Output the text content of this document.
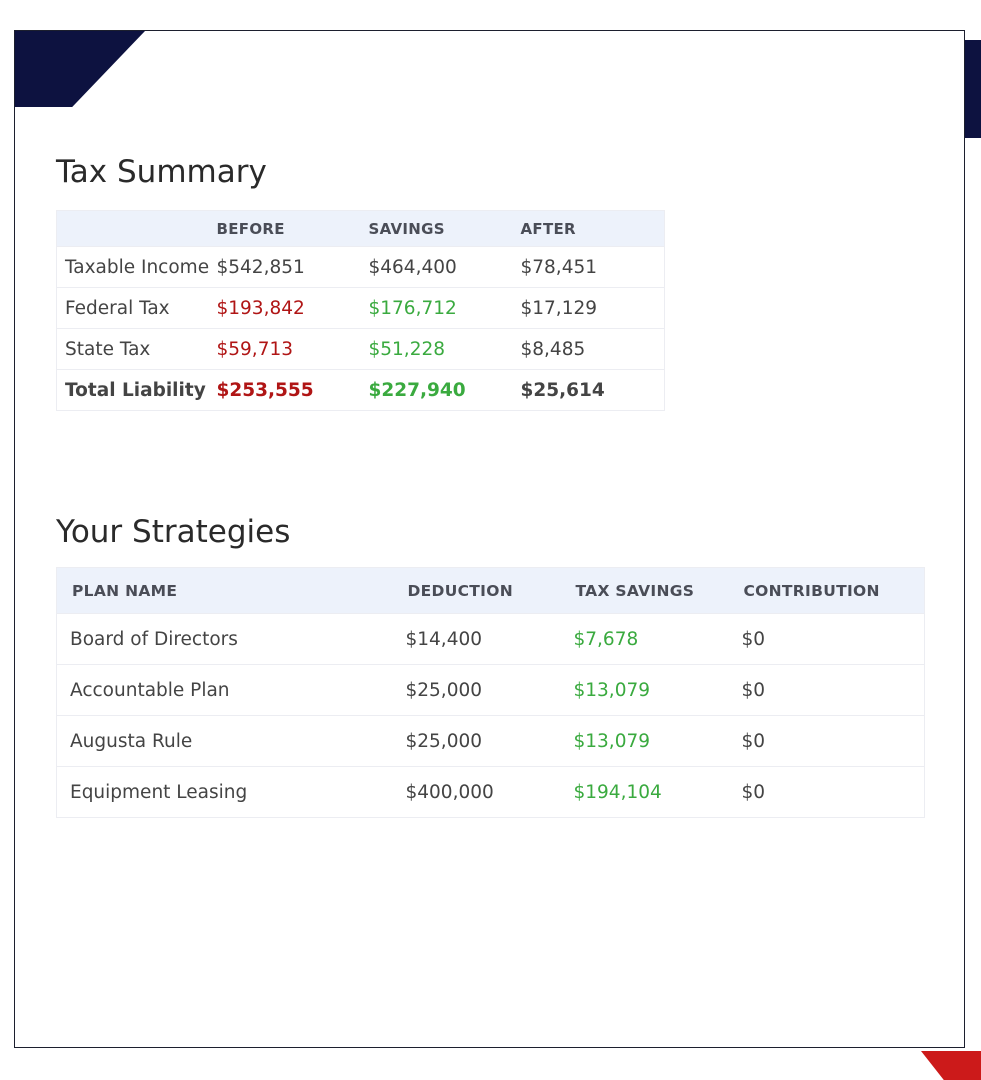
Tax Summary
	BEFORE	SAVINGS	AFTER
Taxable Income	$542,851	$464,400	$78,451
Federal Tax	$193,842	$176,712	$17,129
State Tax	$59,713	$51,228	$8,485
Total Liability	$253,555	$227,940	$25,614
Your Strategies
PLAN NAME	DEDUCTION	TAX SAVINGS	CONTRIBUTION
Board of Directors	$14,400	$7,678	$0
Accountable Plan	$25,000	$13,079	$0
Augusta Rule	$25,000	$13,079	$0
Equipment Leasing	$400,000	$194,104	$0
